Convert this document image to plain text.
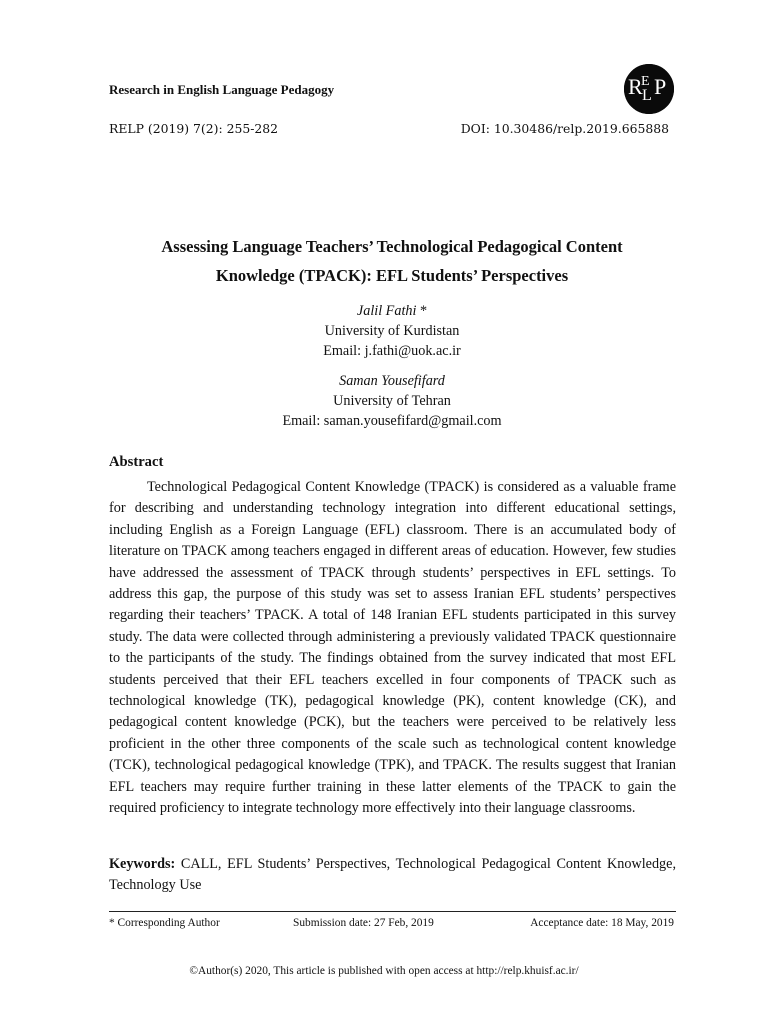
Research in English Language Pedagogy	R E
L P
RELP (2019) 7(2): 255-282	DOI: 10.30486/relp.2019.665888
Assessing Language Teachers’ Technological Pedagogical Content
Knowledge (TPACK): EFL Students’ Perspectives
Jalil Fathi *
University of Kurdistan
Email: j.fathi@uok.ac.ir
Saman Yousefifard
University of Tehran
Email: saman.yousefifard@gmail.com
Abstract

Technological Pedagogical Content Knowledge (TPACK) is considered as a valuable frame for describing and understanding technology integration into different educational settings, including English as a Foreign Language (EFL) classroom. There is an accumulated body of literature on TPACK among teachers engaged in different areas of education. However, few studies have addressed the assessment of TPACK through students’ perspectives in EFL settings. To address this gap, the purpose of this study was set to assess Iranian EFL students’ perspectives regarding their teachers’ TPACK. A total of 148 Iranian EFL students participated in this survey study. The data were collected through administering a previously validated TPACK questionnaire to the participants of the study. The findings obtained from the survey indicated that most EFL students perceived that their EFL teachers excelled in four components of TPACK such as technological knowledge (TK), pedagogical knowledge (PK), content knowledge (CK), and pedagogical content knowledge (PCK), but the teachers were perceived to be relatively less proficient in the other three components of the scale such as technological content knowledge (TCK), technological pedagogical knowledge (TPK), and TPACK. The results suggest that Iranian EFL teachers may require further training in these latter elements of the TPACK to gain the required proficiency to integrate technology more effectively into their language classrooms.

Keywords: CALL, EFL Students’ Perspectives, Technological Pedagogical Content Knowledge, Technology Use
* Corresponding Author	Submission date: 27 Feb, 2019	Acceptance date: 18 May, 2019
©Author(s) 2020, This article is published with open access at http://relp.khuisf.ac.ir/
